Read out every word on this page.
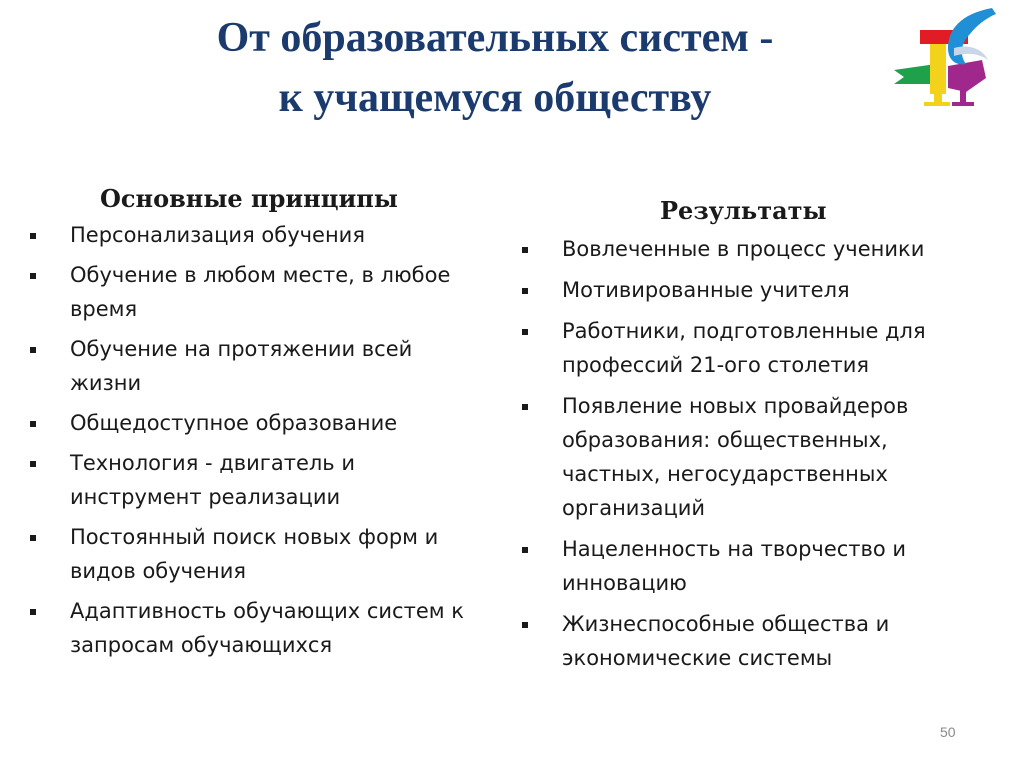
От образовательных систем -
к учащемуся обществу
Основные принципы
Персонализация обучения
Обучение в любом месте, в любое время
Обучение на протяжении всей жизни
Общедоступное образование
Технология - двигатель и инструмент реализации
Постоянный поиск новых форм и видов обучения
Адаптивность обучающих систем к запросам обучающихся
Результаты
Вовлеченные в процесс ученики
Мотивированные учителя
Работники, подготовленные для профессий 21-ого столетия
Появление новых провайдеров образования: общественных, частных, негосударственных организаций
Нацеленность на творчество и инновацию
Жизнеспособные общества и экономические системы
50
